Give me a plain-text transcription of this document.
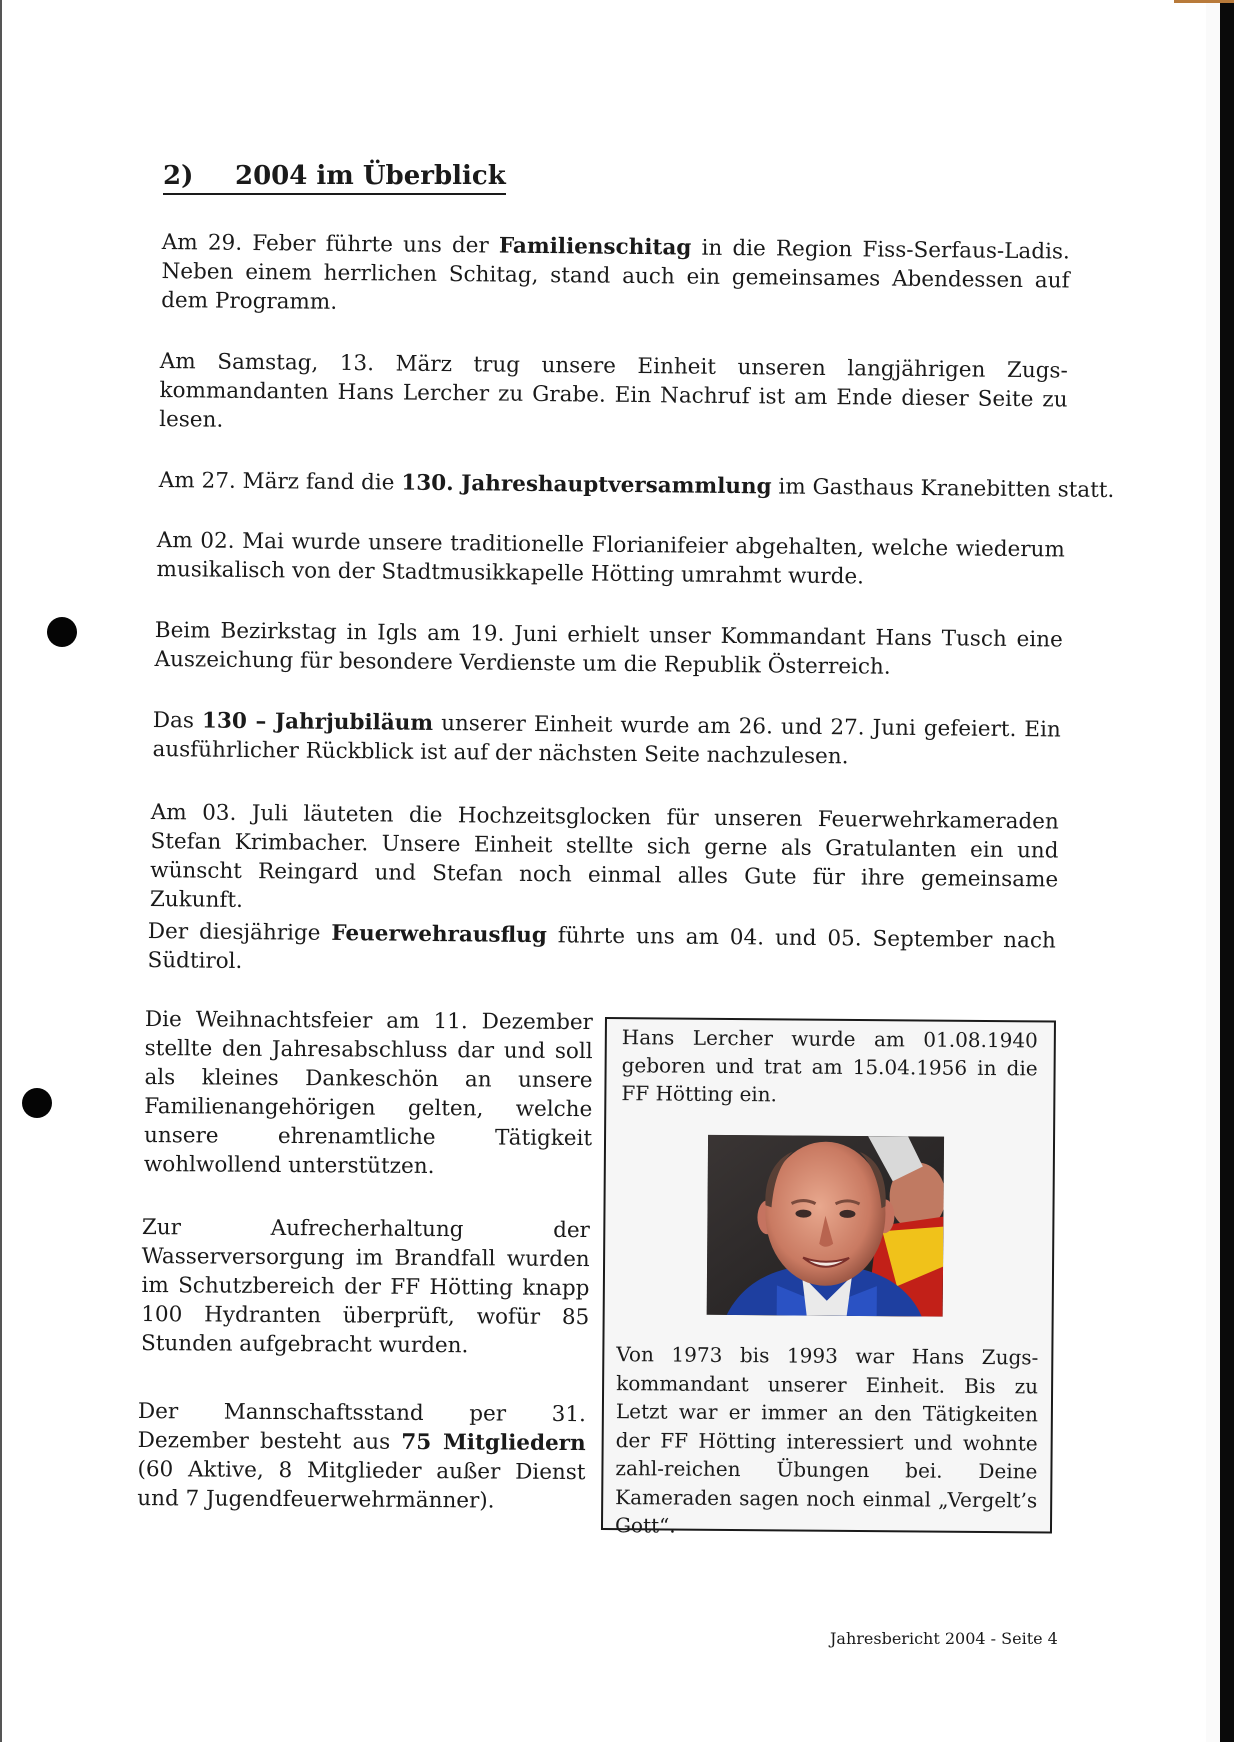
2) 2004 im Überblick
Am 29. Feber führte uns der Familienschitag in die Region Fiss-Serfaus-Ladis. Neben einem herrlichen Schitag, stand auch ein gemeinsames Abendessen auf dem Programm.
Am Samstag, 13. März trug unsere Einheit unseren langjährigen Zugs-kommandanten Hans Lercher zu Grabe. Ein Nachruf ist am Ende dieser Seite zu lesen.
Am 27. März fand die 130. Jahreshauptversammlung im Gasthaus Kranebitten statt.
Am 02. Mai wurde unsere traditionelle Florianifeier abgehalten, welche wiederum musikalisch von der Stadtmusikkapelle Hötting umrahmt wurde.
Beim Bezirkstag in Igls am 19. Juni erhielt unser Kommandant Hans Tusch eine Auszeichung für besondere Verdienste um die Republik Österreich.
Das 130 – Jahrjubiläum unserer Einheit wurde am 26. und 27. Juni gefeiert. Ein ausführlicher Rückblick ist auf der nächsten Seite nachzulesen.
Am 03. Juli läuteten die Hochzeitsglocken für unseren Feuerwehrkameraden Stefan Krimbacher. Unsere Einheit stellte sich gerne als Gratulanten ein und wünscht Reingard und Stefan noch einmal alles Gute für ihre gemeinsame Zukunft.
Der diesjährige Feuerwehrausflug führte uns am 04. und 05. September nach Südtirol.
Die Weihnachtsfeier am 11. Dezember stellte den Jahresabschluss dar und soll als kleines Dankeschön an unsere Familienangehörigen gelten, welche unsere ehrenamtliche Tätigkeit wohlwollend unterstützen.
Zur Aufrecherhaltung der Wasserversorgung im Brandfall wurden im Schutzbereich der FF Hötting knapp 100 Hydranten überprüft, wofür 85 Stunden aufgebracht wurden.
Der Mannschaftsstand per 31. Dezember besteht aus 75 Mitgliedern (60 Aktive, 8 Mitglieder außer Dienst und 7 Jugendfeuerwehrmänner).
Hans Lercher wurde am 01.08.1940 geboren und trat am 15.04.1956 in die FF Hötting ein.
Von 1973 bis 1993 war Hans Zugs-kommandant unserer Einheit. Bis zu Letzt war er immer an den Tätigkeiten der FF Hötting interessiert und wohnte zahl-reichen Übungen bei. Deine Kameraden sagen noch einmal „Vergelt’s Gott“.
Jahresbericht 2004 - Seite 4
